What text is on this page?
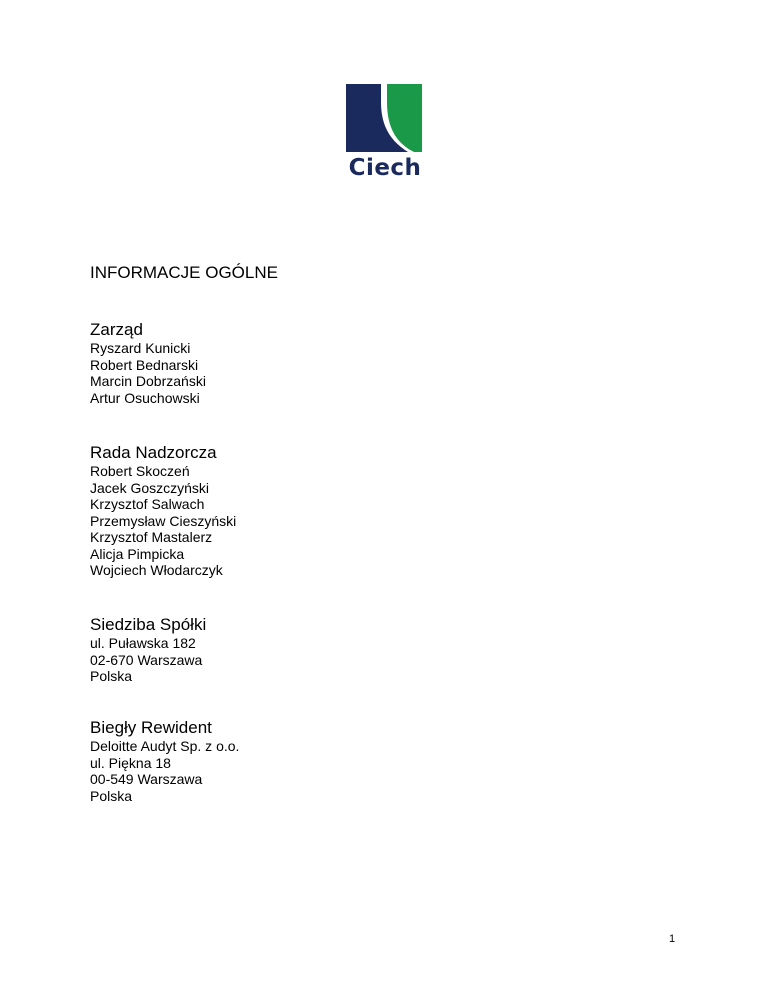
Ciech
INFORMACJE OGÓLNE
Zarząd
Ryszard Kunicki
Robert Bednarski
Marcin Dobrzański
Artur Osuchowski
Rada Nadzorcza
Robert Skoczeń
Jacek Goszczyński
Krzysztof Salwach
Przemysław Cieszyński
Krzysztof Mastalerz
Alicja Pimpicka
Wojciech Włodarczyk
Siedziba Spółki
ul. Puławska 182
02-670 Warszawa
Polska
Biegły Rewident
Deloitte Audyt Sp. z o.o.
ul. Piękna 18
00-549 Warszawa
Polska
1
